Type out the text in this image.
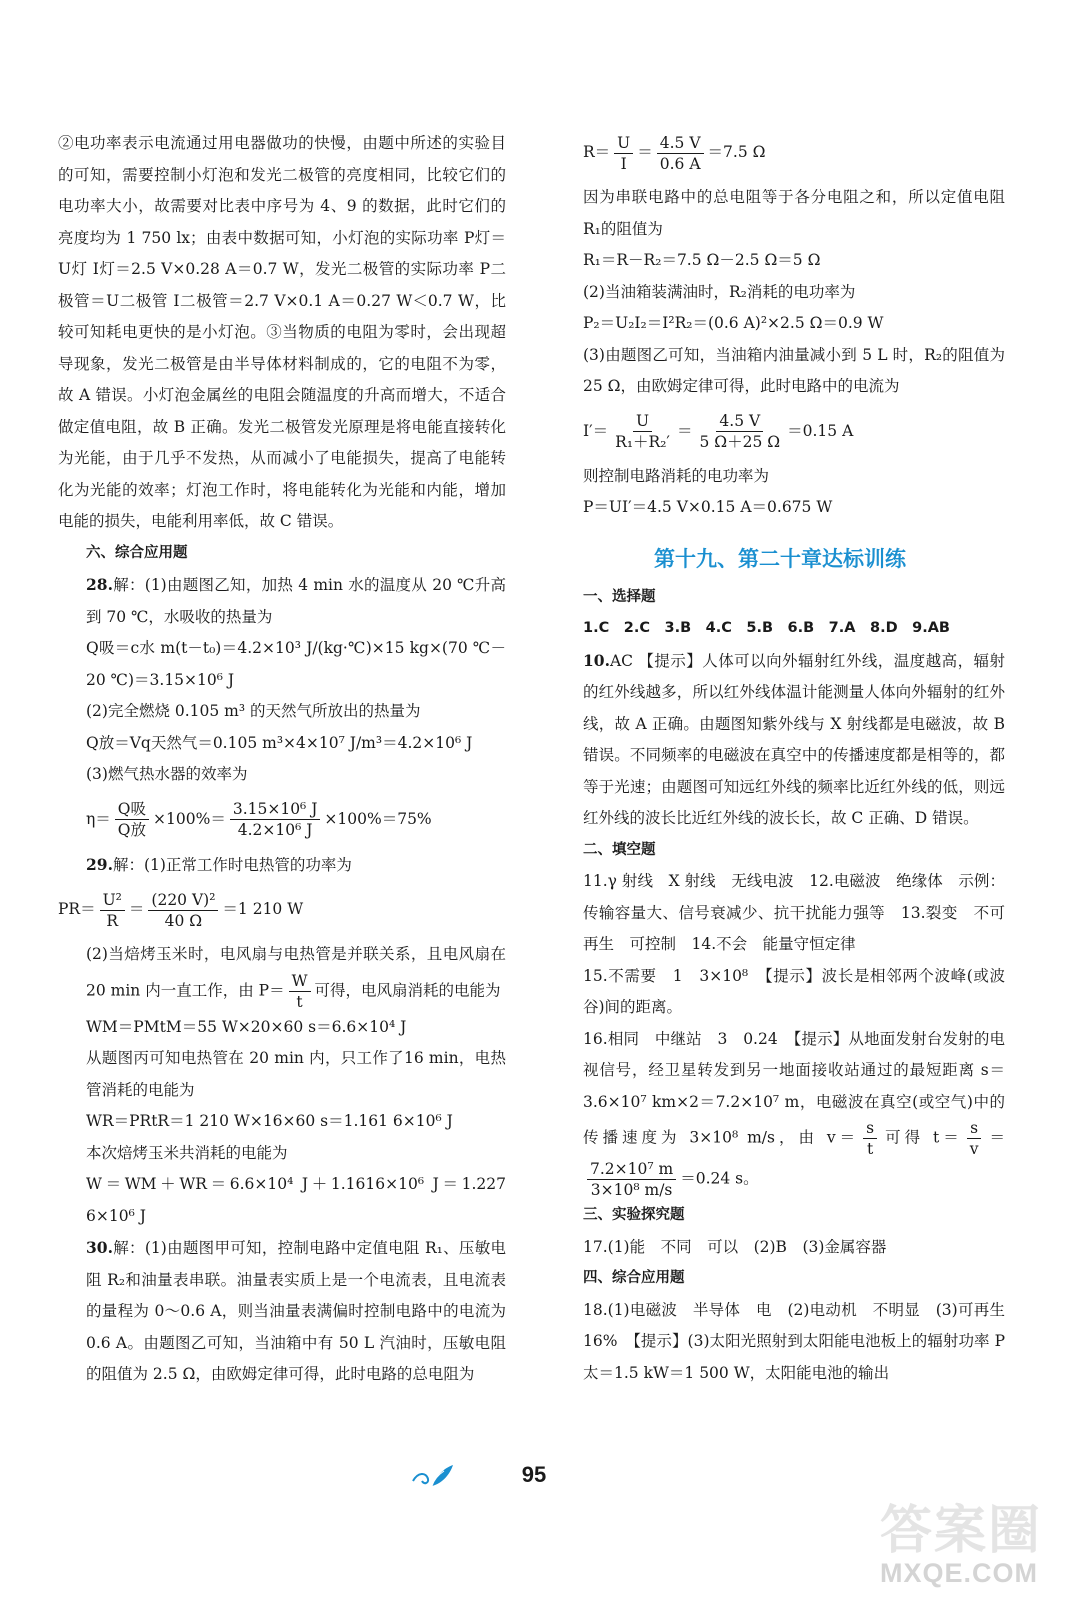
②电功率表示电流通过用电器做功的快慢，由题中所述的实验目的可知，需要控制小灯泡和发光二极管的亮度相同，比较它们的电功率大小，故需要对比表中序号为 4、9 的数据，此时它们的亮度均为 1 750 lx；由表中数据可知，小灯泡的实际功率 P灯＝U灯 I灯＝2.5 V×0.28 A＝0.7 W，发光二极管的实际功率 P二极管＝U二极管 I二极管＝2.7 V×0.1 A＝0.27 W＜0.7 W，比较可知耗电更快的是小灯泡。③当物质的电阻为零时，会出现超导现象，发光二极管是由半导体材料制成的，它的电阻不为零，故 A 错误。小灯泡金属丝的电阻会随温度的升高而增大，不适合做定值电阻，故 B 正确。发光二极管发光原理是将电能直接转化为光能，由于几乎不发热，从而减小了电能损失，提高了电能转化为光能的效率；灯泡工作时，将电能转化为光能和内能，增加电能的损失，电能利用率低，故 C 错误。

六、综合应用题

28.解：(1)由题图乙知，加热 4 min 水的温度从 20 ℃升高到 70 ℃，水吸收的热量为

Q吸＝c水 m(t－t₀)＝4.2×10³ J/(kg·℃)×15 kg×(70 ℃－20 ℃)＝3.15×10⁶ J

(2)完全燃烧 0.105 m³ 的天然气所放出的热量为

Q放＝Vq天然气＝0.105 m³×4×10⁷ J/m³＝4.2×10⁶ J

(3)燃气热水器的效率为

$\eta= \frac{\text{Q吸}}{\text{Q放}} \times 100\%= \frac{\text{3.15×10⁶ J}}{\text{4.2×10⁶ J}} \times 100\%=75\%$

29.解：(1)正常工作时电热管的功率为

$PR= \frac{\text{U²}}{R} = \frac{\text{(220 V)²}}{40 \Omega} =1$ 210 W

(2)当焙烤玉米时，电风扇与电热管是并联关系，且电风扇在 20 min 内一直工作，由 $P= \frac{W}{t}$ 可得，电风扇消耗的电能为

WM＝PMtM＝55 W×20×60 s＝6.6×10⁴ J

从题图丙可知电热管在 20 min 内，只工作了16 min，电热管消耗的电能为

WR＝PRtR＝1 210 W×16×60 s＝1.161 6×10⁶ J

本次焙烤玉米共消耗的电能为

W＝WM＋WR＝6.6×10⁴ J＋1.1616×10⁶ J＝1.227 6×10⁶ J

30.解：(1)由题图甲可知，控制电路中定值电阻 R₁、压敏电阻 R₂和油量表串联。油量表实质上是一个电流表，且电流表的量程为 0～0.6 A，则当油量表满偏时控制电路中的电流为 0.6 A。由题图乙可知，当油箱中有 50 L 汽油时，压敏电阻的阻值为 2.5 Ω，由欧姆定律可得，此时电路的总电阻为

$R= \frac{U}{I} = \frac{4.5 V}{0.6 A} =7.5$ Ω

因为串联电路中的总电阻等于各分电阻之和，所以定值电阻 R₁的阻值为

R₁＝R－R₂＝7.5 Ω－2.5 Ω＝5 Ω

(2)当油箱装满油时，R₂消耗的电功率为

P₂＝U₂I₂＝I²R₂＝(0.6 A)²×2.5 Ω＝0.9 W

(3)由题图乙可知，当油箱内油量减小到 5 L 时，R₂的阻值为 25 Ω，由欧姆定律可得，此时电路中的电流为

$I'= \frac{U}{\text{R₁＋R₂′}} = \frac{4.5 V}{5 \Omega+25 \Omega} =0.15$ A

则控制电路消耗的电功率为

P＝UI′＝4.5 V×0.15 A＝0.675 W

第十九、第二十章达标训练

一、选择题

1.C　2.C　3.B　4.C　5.B　6.B　7.A　8.D　9.AB

10.AC 【提示】人体可以向外辐射红外线，温度越高，辐射的红外线越多，所以红外线体温计能测量人体向外辐射的红外线，故 A 正确。由题图知紫外线与 X 射线都是电磁波，故 B 错误。不同频率的电磁波在真空中的传播速度都是相等的，都等于光速；由题图可知远红外线的频率比近红外线的低，则远红外线的波长比近红外线的波长长，故 C 正确、D 错误。

二、填空题

11.γ 射线　X 射线　无线电波　12.电磁波　绝缘体　示例：传输容量大、信号衰减少、抗干扰能力强等　13.裂变　不可再生　可控制　14.不会　能量守恒定律

15.不需要　1　3×10⁸　【提示】波长是相邻两个波峰(或波谷)间的距离。

16.相同　中继站　3　0.24　【提示】从地面发射台发射的电视信号，经卫星转发到另一地面接收站通过的最短距离 s＝3.6×10⁷ km×2＝7.2×10⁷ m，电磁波在真空(或空气)中的传播速度为 3×10⁸ m/s，由 $v= \frac{s}{t}$ 可得 $t= \frac{s}{v}$ ＝
$\frac{\text{7.2×10⁷ m}}{\text{3×10⁸ m/s}} =0.24$ s。

三、实验探究题

17.(1)能　不同　可以　(2)B　(3)金属容器

四、综合应用题

18.(1)电磁波　半导体　电　(2)电动机　不明显　(3)可再生　16%　【提示】(3)太阳光照射到太阳能电池板上的辐射功率 P太＝1.5 kW＝1 500 W，太阳能电池的输出

95
答案圈
MXQE.COM
